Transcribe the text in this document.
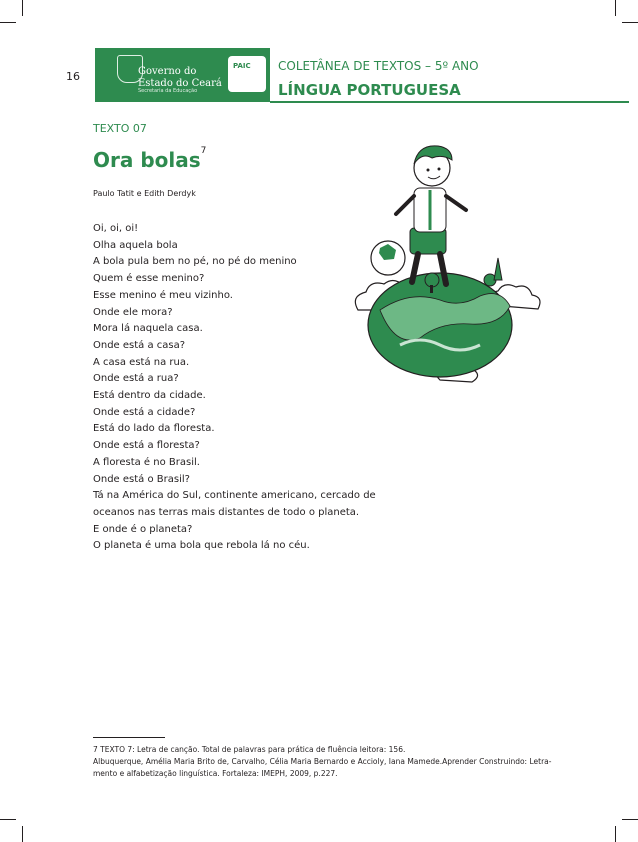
16	Governo do
Estado do Ceará
Secretaria da Educação
PAIC COLETÂNEA DE TEXTOS – 5º ANO
LÍNGUA PORTUGUESA
TEXTO 07
Ora bolas$^7$
Paulo Tatit e Edith Derdyk
Oi, oi, oi!
Olha aquela bola
A bola pula bem no pé, no pé do menino
Quem é esse menino?
Esse menino é meu vizinho.
Onde ele mora?
Mora lá naquela casa.
Onde está a casa?
A casa está na rua.
Onde está a rua?
Está dentro da cidade.
Onde está a cidade?
Está do lado da floresta.
Onde está a floresta?
A floresta é no Brasil.
Onde está o Brasil?
Tá na América do Sul, continente americano, cercado de
oceanos nas terras mais distantes de todo o planeta.
E onde é o planeta?
O planeta é uma bola que rebola lá no céu.
7 TEXTO 7: Letra de canção. Total de palavras para prática de fluência leitora: 156.
Albuquerque, Amélia Maria Brito de, Carvalho, Célia Maria Bernardo e Accioly, Iana Mamede.Aprender Construindo: Letra-
mento e alfabetização linguística. Fortaleza: IMEPH, 2009, p.227.
